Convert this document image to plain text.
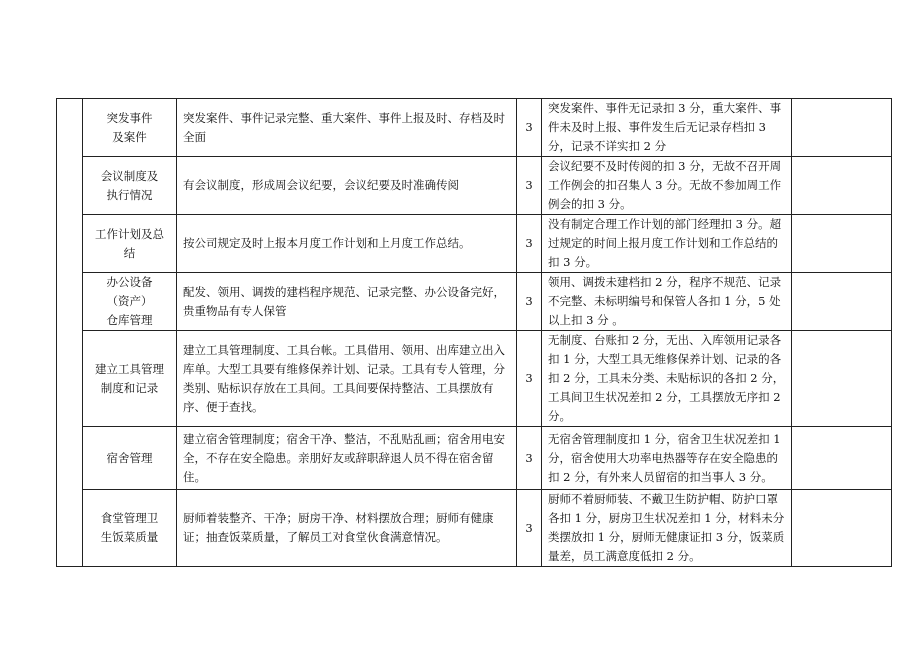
	突发事件
及案件	突发案件、事件记录完整、重大案件、事件上报及时、存档及时全面	3	突发案件、事件无记录扣 3 分，重大案件、事件未及时上报、事件发生后无记录存档扣 3 分，记录不详实扣 2 分	
	会议制度及
执行情况	有会议制度，形成周会议纪要，会议纪要及时准确传阅	3	会议纪要不及时传阅的扣 3 分，无故不召开周工作例会的扣召集人 3 分。无故不参加周工作例会的扣 3 分。	
	工作计划及总
结	按公司规定及时上报本月度工作计划和上月度工作总结。	3	没有制定合理工作计划的部门经理扣 3 分。超过规定的时间上报月度工作计划和工作总结的扣 3 分。	
	办公设备
（资产）
仓库管理	配发、领用、调拨的建档程序规范、记录完整、办公设备完好，贵重物品有专人保管	3	领用、调拨未建档扣 2 分，程序不规范、记录不完整、未标明编号和保管人各扣 1 分，5 处以上扣 3 分 。	
	建立工具管理
制度和记录	建立工具管理制度、工具台帐。工具借用、领用、出库建立出入库单。大型工具要有维修保养计划、记录。工具有专人管理，分类别、贴标识存放在工具间。工具间要保持整洁、工具摆放有序、便于查找。	3	无制度、台账扣 2 分，无出、入库领用记录各扣 1 分，大型工具无维修保养计划、记录的各扣 2 分，工具未分类、未贴标识的各扣 2 分，工具间卫生状况差扣 2 分，工具摆放无序扣 2 分。	
	宿舍管理	建立宿舍管理制度；宿舍干净、整洁，不乱贴乱画；宿舍用电安全，不存在安全隐患。亲朋好友或辞职辞退人员不得在宿舍留住。	3	无宿舍管理制度扣 1 分，宿舍卫生状况差扣 1 分，宿舍使用大功率电热器等存在安全隐患的扣 2 分，有外来人员留宿的扣当事人 3 分。	
	食堂管理卫
生饭菜质量	厨师着装整齐、干净；厨房干净、材料摆放合理；厨师有健康证；抽查饭菜质量，了解员工对食堂伙食满意情况。	3	厨师不着厨师装、不戴卫生防护帽、防护口罩各扣 1 分，厨房卫生状况差扣 1 分，材料未分类摆放扣 1 分，厨师无健康证扣 3 分，饭菜质量差，员工满意度低扣 2 分。	
